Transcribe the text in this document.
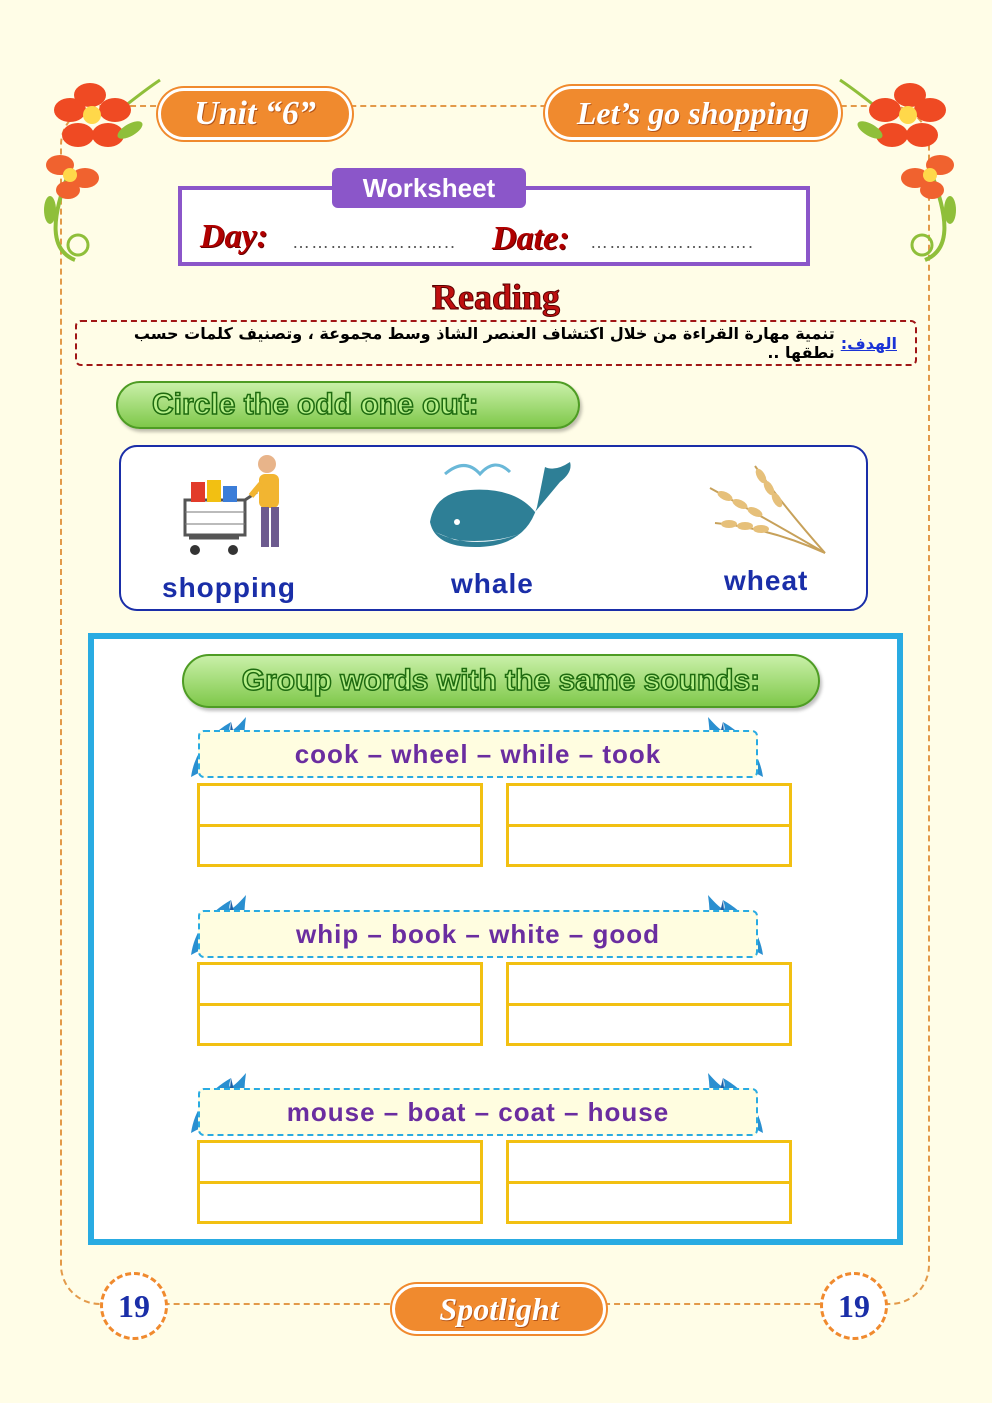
Unit “6”	Let’s go shopping
Worksheet
Day: …………………….. Date: ……………….…….
Reading
الهدف:
تنمية مهارة القراءة من خلال اكتشاف العنصر الشاذ وسط مجموعة ، وتصنيف كلمات حسب نطقها ..
Circle the odd one out:
shopping	whale	wheat
Group words with the same sounds:
cook – wheel – while – took
whip – book – white – good
mouse – boat – coat – house
19	Spotlight	19
